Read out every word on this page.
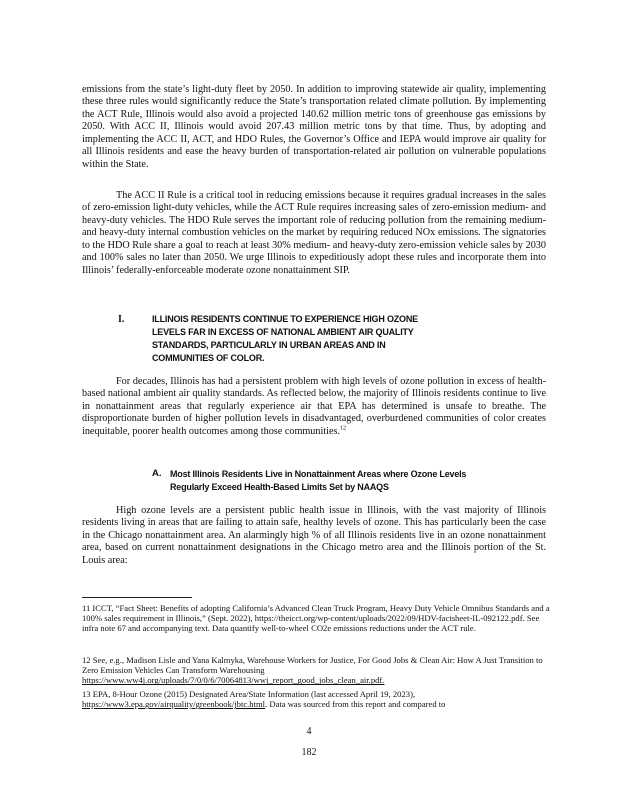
emissions from the state’s light-duty fleet by 2050. In addition to improving statewide air quality, implementing these three rules would significantly reduce the State’s transportation related climate pollution. By implementing the ACT Rule, Illinois would also avoid a projected 140.62 million metric tons of greenhouse gas emissions by 2050. With ACC II, Illinois would avoid 207.43 million metric tons by that time. Thus, by adopting and implementing the ACC II, ACT, and HDO Rules, the Governor’s Office and IEPA would improve air quality for all Illinois residents and ease the heavy burden of transportation-related air pollution on vulnerable populations within the State.

The ACC II Rule is a critical tool in reducing emissions because it requires gradual increases in the sales of zero-emission light-duty vehicles, while the ACT Rule requires increasing sales of zero-emission medium- and heavy-duty vehicles. The HDO Rule serves the important role of reducing pollution from the remaining medium- and heavy-duty internal combustion vehicles on the market by requiring reduced NOx emissions. The signatories to the HDO Rule share a goal to reach at least 30% medium- and heavy-duty zero-emission vehicle sales by 2030 and 100% sales no later than 2050. We urge Illinois to expeditiously adopt these rules and incorporate them into Illinois’ federally-enforceable moderate ozone nonattainment SIP.

I.	ILLINOIS RESIDENTS CONTINUE TO EXPERIENCE HIGH OZONE
LEVELS FAR IN EXCESS OF NATIONAL AMBIENT AIR QUALITY
STANDARDS, PARTICULARLY IN URBAN AREAS AND IN
COMMUNITIES OF COLOR.

For decades, Illinois has had a persistent problem with high levels of ozone pollution in excess of health-based national ambient air quality standards. As reflected below, the majority of Illinois residents continue to live in nonattainment areas that regularly experience air that EPA has determined is unsafe to breathe. The disproportionate burden of higher pollution levels in disadvantaged, overburdened communities of color creates inequitable, poorer health outcomes among those communities.$^{12}$

A. Most Illinois Residents Live in Nonattainment Areas where Ozone Levels
Regularly Exceed Health-Based Limits Set by NAAQS

High ozone levels are a persistent public health issue in Illinois, with the vast majority of Illinois residents living in areas that are failing to attain safe, healthy levels of ozone. This has particularly been the case in the Chicago nonattainment area. An alarmingly high % of all Illinois residents live in an ozone nonattainment area, based on current nonattainment designations in the Chicago metro area and the Illinois portion of the St. Louis area:

11 ICCT, “Fact Sheet: Benefits of adopting California’s Advanced Clean Truck Program, Heavy Duty Vehicle Omnibus Standards and a 100% sales requirement in Illinois,” (Sept. 2022), https://theicct.org/wp-content/uploads/2022/09/HDV-factsheet-IL-092122.pdf. See infra note 67 and accompanying text. Data quantify well-to-wheel CO2e emissions reductions under the ACT rule.

12 See, e.g., Madison Lisle and Yana Kalmyka, Warehouse Workers for Justice, For Good Jobs & Clean Air: How A Just Transition to Zero Emission Vehicles Can Transform Warehousing
https://www.ww4j.org/uploads/7/0/0/6/70064813/wwj_report_good_jobs_clean_air.pdf.

13 EPA, 8-Hour Ozone (2015) Designated Area/State Information (last accessed April 19, 2023),
https://www3.epa.gov/airquality/greenbook/jbtc.html. Data was sourced from this report and compared to

4
182
